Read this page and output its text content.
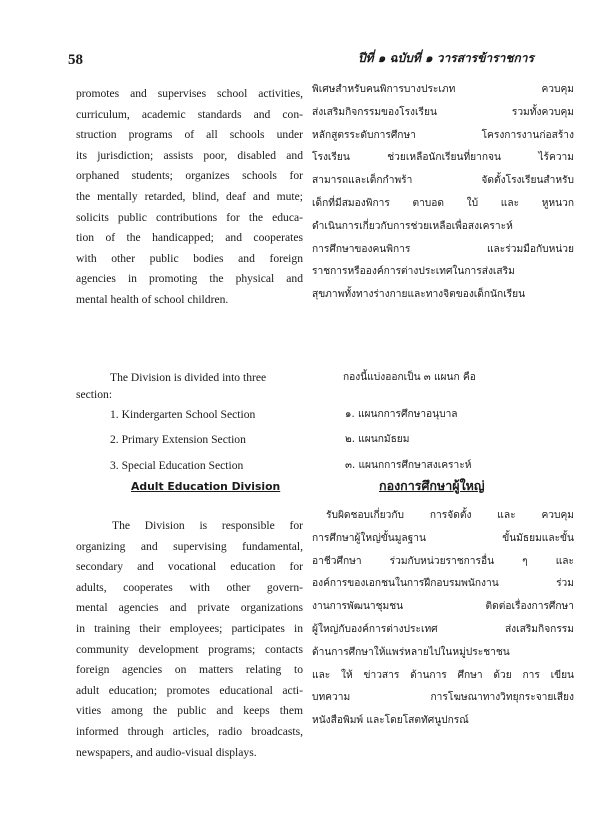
58	ปีที่ ๑ ฉบับที่ ๑ วารสารข้าราชการ
promotes and supervises school activities,
curriculum, academic standards and con-
struction programs of all schools under
its jurisdiction; assists poor, disabled and
orphaned students; organizes schools for
the mentally retarded, blind, deaf and mute;
solicits public contributions for the educa-
tion of the handicapped; and cooperates
with other public bodies and foreign
agencies in promoting the physical and
mental health of school children.
พิเศษสำหรับคนพิการบางประเภท ควบคุม
ส่งเสริมกิจกรรมของโรงเรียน รวมทั้งควบคุม
หลักสูตรระดับการศึกษา โครงการงานก่อสร้าง
โรงเรียน ช่วยเหลือนักเรียนที่ยากจน ไร้ความ
สามารถและเด็กกำพร้า จัดตั้งโรงเรียนสำหรับ
เด็กที่มีสมองพิการ ตาบอด ใบ้ และ หูหนวก
ดำเนินการเกี่ยวกับการช่วยเหลือเพื่อสงเคราะห์
การศึกษาของคนพิการ และร่วมมือกับหน่วย
ราชการหรือองค์การต่างประเทศในการส่งเสริม
สุขภาพทั้งทางร่างกายและทางจิตของเด็กนักเรียน
The Division is divided into three
section:
กองนี้แบ่งออกเป็น ๓ แผนก คือ
1. Kindergarten School Section
2. Primary Extension Section
3. Special Education Section
๑. แผนกการศึกษาอนุบาล
๒. แผนกมัธยม
๓. แผนกการศึกษาสงเคราะห์
Adult Education Division	กองการศึกษาผู้ใหญ่
The Division is responsible for
organizing and supervising fundamental,
secondary and vocational education for
adults, cooperates with other govern-
mental agencies and private organizations
in training their employees; participates in
community development programs; contacts
foreign agencies on matters relating to
adult education; promotes educational acti-
vities among the public and keeps them
informed through articles, radio broadcasts,
newspapers, and audio-visual displays.
รับผิดชอบเกี่ยวกับ การจัดตั้ง และ ควบคุม
การศึกษาผู้ใหญ่ขั้นมูลฐาน ขั้นมัธยมและขั้น
อาชีวศึกษา ร่วมกับหน่วยราชการอื่น ๆ และ
องค์การของเอกชนในการฝึกอบรมพนักงาน ร่วม
งานการพัฒนาชุมชน ติดต่อเรื่องการศึกษา
ผู้ใหญ่กับองค์การต่างประเทศ ส่งเสริมกิจกรรม
ด้านการศึกษาให้แพร่หลายไปในหมู่ประชาชน
และ ให้ ข่าวสาร ด้านการ ศึกษา ด้วย การ เขียน
บทความ การโฆษณาทางวิทยุกระจายเสียง
หนังสือพิมพ์ และโดยโสตทัศนูปกรณ์
